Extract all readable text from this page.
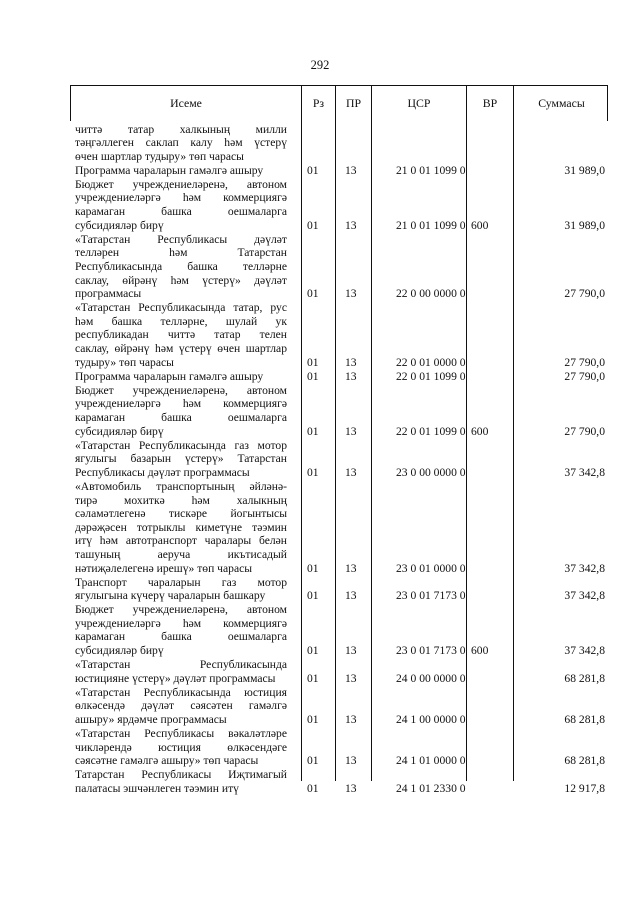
292
Исеме	Рз	ПР	ЦСР	ВР	Суммасы
читтә татар халкының милли
тәңгәллеген саклап калу һәм үстерү
өчен шартлар тудыру» төп чарасы
Программа чараларын гамәлгә ашыру	01 13	21 0 01 1099 0	31 989,0
Бюджет учреждениеләренә, автоном
учреждениеләргә һәм коммерциягә
карамаган башка оешмаларга
субсидияләр бирү	01 13	21 0 01 1099 0 600	31 989,0
«Татарстан Республикасы дәүләт
телләрен һәм Татарстан
Республикасында башка телләрне
саклау, өйрәнү һәм үстерү» дәүләт
программасы	01 13	22 0 00 0000 0	27 790,0
«Татарстан Республикасында татар, рус
һәм башка телләрне, шулай ук
республикадан читтә татар телен
саклау, өйрәнү һәм үстерү өчен шартлар
тудыру» төп чарасы	01 13	22 0 01 0000 0	27 790,0
Программа чараларын гамәлгә ашыру	01 13	22 0 01 1099 0	27 790,0
Бюджет учреждениеләренә, автоном
учреждениеләргә һәм коммерциягә
карамаган башка оешмаларга
субсидияләр бирү	01 13	22 0 01 1099 0 600	27 790,0
«Татарстан Республикасында газ мотор
ягулыгы базарын үстерү» Татарстан
Республикасы дәүләт программасы	01 13	23 0 00 0000 0	37 342,8
«Автомобиль транспортының әйләнә-
тирә мохиткә һәм халыкның
сәламәтлегенә тискәре йогынтысы
дәрәҗәсен тотрыклы киметүне тәэмин
итү һәм автотранспорт чаралары белән
ташуның аеруча икътисадый
нәтиҗәлелегенә ирешү» төп чарасы	01 13	23 0 01 0000 0	37 342,8
Транспорт чараларын газ мотор
ягулыгына күчерү чараларын башкару	01 13	23 0 01 7173 0	37 342,8
Бюджет учреждениеләренә, автоном
учреждениеләргә һәм коммерциягә
карамаган башка оешмаларга
субсидияләр бирү	01 13	23 0 01 7173 0 600	37 342,8
«Татарстан Республикасында
юстицияне үстерү» дәүләт программасы	01 13	24 0 00 0000 0	68 281,8
«Татарстан Республикасында юстиция
өлкәсендә дәүләт сәясәтен гамәлгә
ашыру» ярдәмче программасы	01 13	24 1 00 0000 0	68 281,8
«Татарстан Республикасы вәкаләтләре
чикләрендә юстиция өлкәсендәге
сәясәтне гамәлгә ашыру» төп чарасы	01 13	24 1 01 0000 0	68 281,8
Татарстан Республикасы Иҗтимагый
палатасы эшчәнлеген тәэмин итү	01 13	24 1 01 2330 0	12 917,8
